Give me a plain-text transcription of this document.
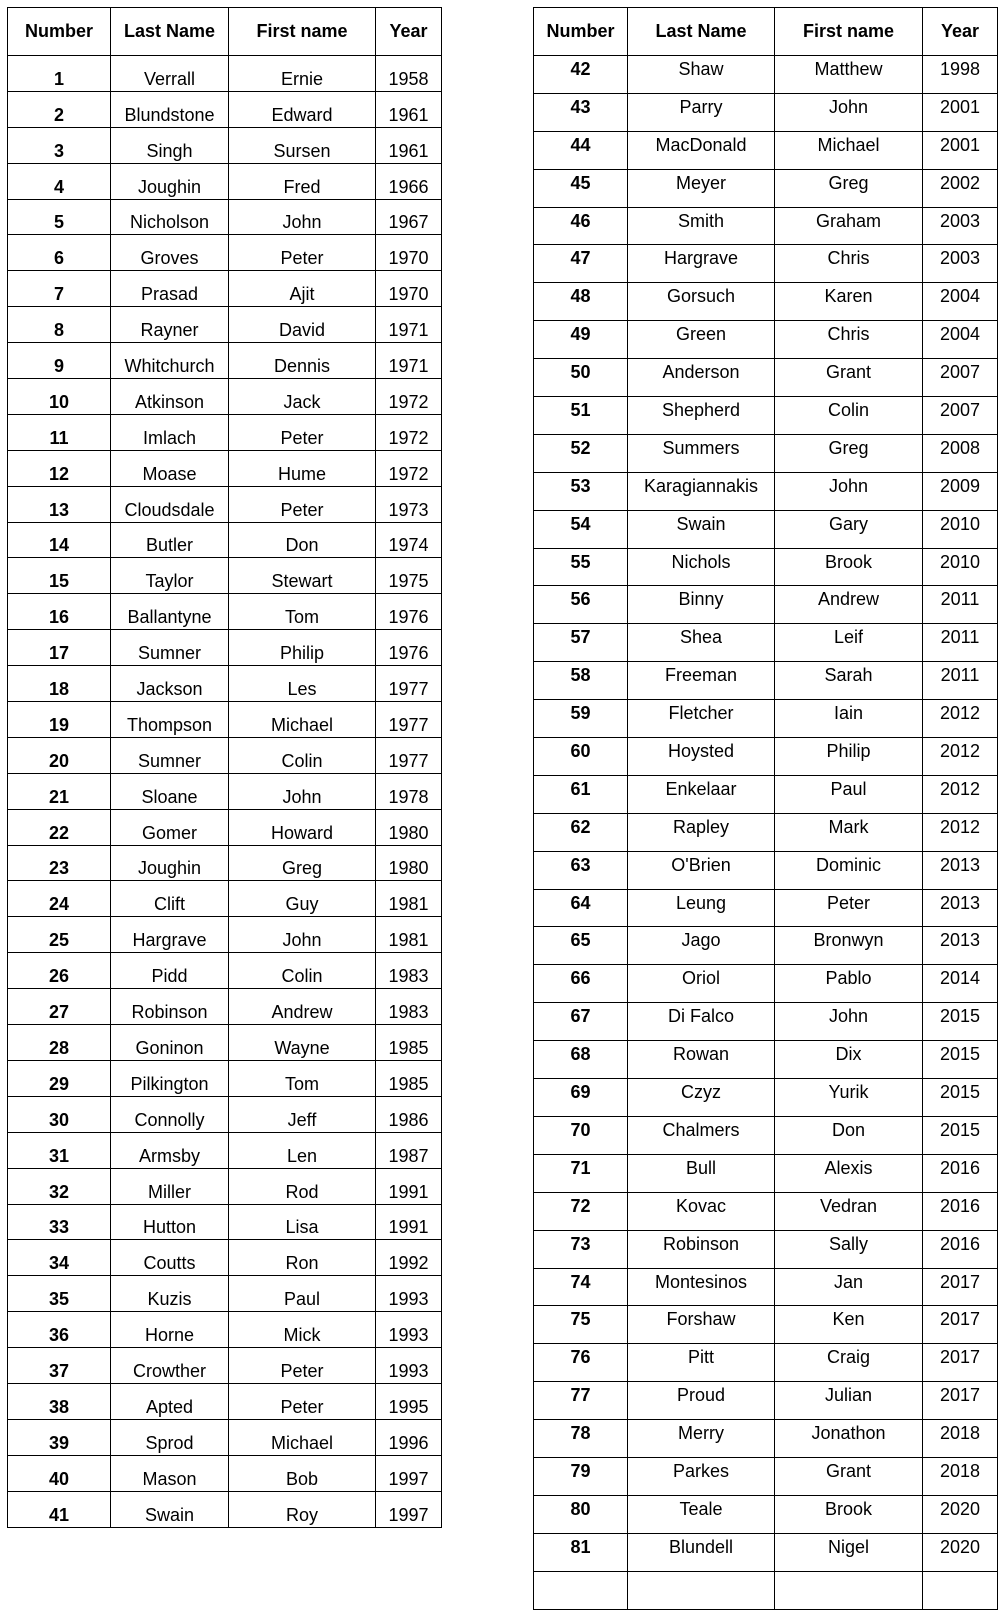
Number	Last Name	First name	Year
1	Verrall	Ernie	1958
2	Blundstone	Edward	1961
3	Singh	Sursen	1961
4	Joughin	Fred	1966
5	Nicholson	John	1967
6	Groves	Peter	1970
7	Prasad	Ajit	1970
8	Rayner	David	1971
9	Whitchurch	Dennis	1971
10	Atkinson	Jack	1972
11	Imlach	Peter	1972
12	Moase	Hume	1972
13	Cloudsdale	Peter	1973
14	Butler	Don	1974
15	Taylor	Stewart	1975
16	Ballantyne	Tom	1976
17	Sumner	Philip	1976
18	Jackson	Les	1977
19	Thompson	Michael	1977
20	Sumner	Colin	1977
21	Sloane	John	1978
22	Gomer	Howard	1980
23	Joughin	Greg	1980
24	Clift	Guy	1981
25	Hargrave	John	1981
26	Pidd	Colin	1983
27	Robinson	Andrew	1983
28	Goninon	Wayne	1985
29	Pilkington	Tom	1985
30	Connolly	Jeff	1986
31	Armsby	Len	1987
32	Miller	Rod	1991
33	Hutton	Lisa	1991
34	Coutts	Ron	1992
35	Kuzis	Paul	1993
36	Horne	Mick	1993
37	Crowther	Peter	1993
38	Apted	Peter	1995
39	Sprod	Michael	1996
40	Mason	Bob	1997
41	Swain	Roy	1997
Number	Last Name	First name	Year
42	Shaw	Matthew	1998
43	Parry	John	2001
44	MacDonald	Michael	2001
45	Meyer	Greg	2002
46	Smith	Graham	2003
47	Hargrave	Chris	2003
48	Gorsuch	Karen	2004
49	Green	Chris	2004
50	Anderson	Grant	2007
51	Shepherd	Colin	2007
52	Summers	Greg	2008
53	Karagiannakis	John	2009
54	Swain	Gary	2010
55	Nichols	Brook	2010
56	Binny	Andrew	2011
57	Shea	Leif	2011
58	Freeman	Sarah	2011
59	Fletcher	Iain	2012
60	Hoysted	Philip	2012
61	Enkelaar	Paul	2012
62	Rapley	Mark	2012
63	O'Brien	Dominic	2013
64	Leung	Peter	2013
65	Jago	Bronwyn	2013
66	Oriol	Pablo	2014
67	Di Falco	John	2015
68	Rowan	Dix	2015
69	Czyz	Yurik	2015
70	Chalmers	Don	2015
71	Bull	Alexis	2016
72	Kovac	Vedran	2016
73	Robinson	Sally	2016
74	Montesinos	Jan	2017
75	Forshaw	Ken	2017
76	Pitt	Craig	2017
77	Proud	Julian	2017
78	Merry	Jonathon	2018
79	Parkes	Grant	2018
80	Teale	Brook	2020
81	Blundell	Nigel	2020
